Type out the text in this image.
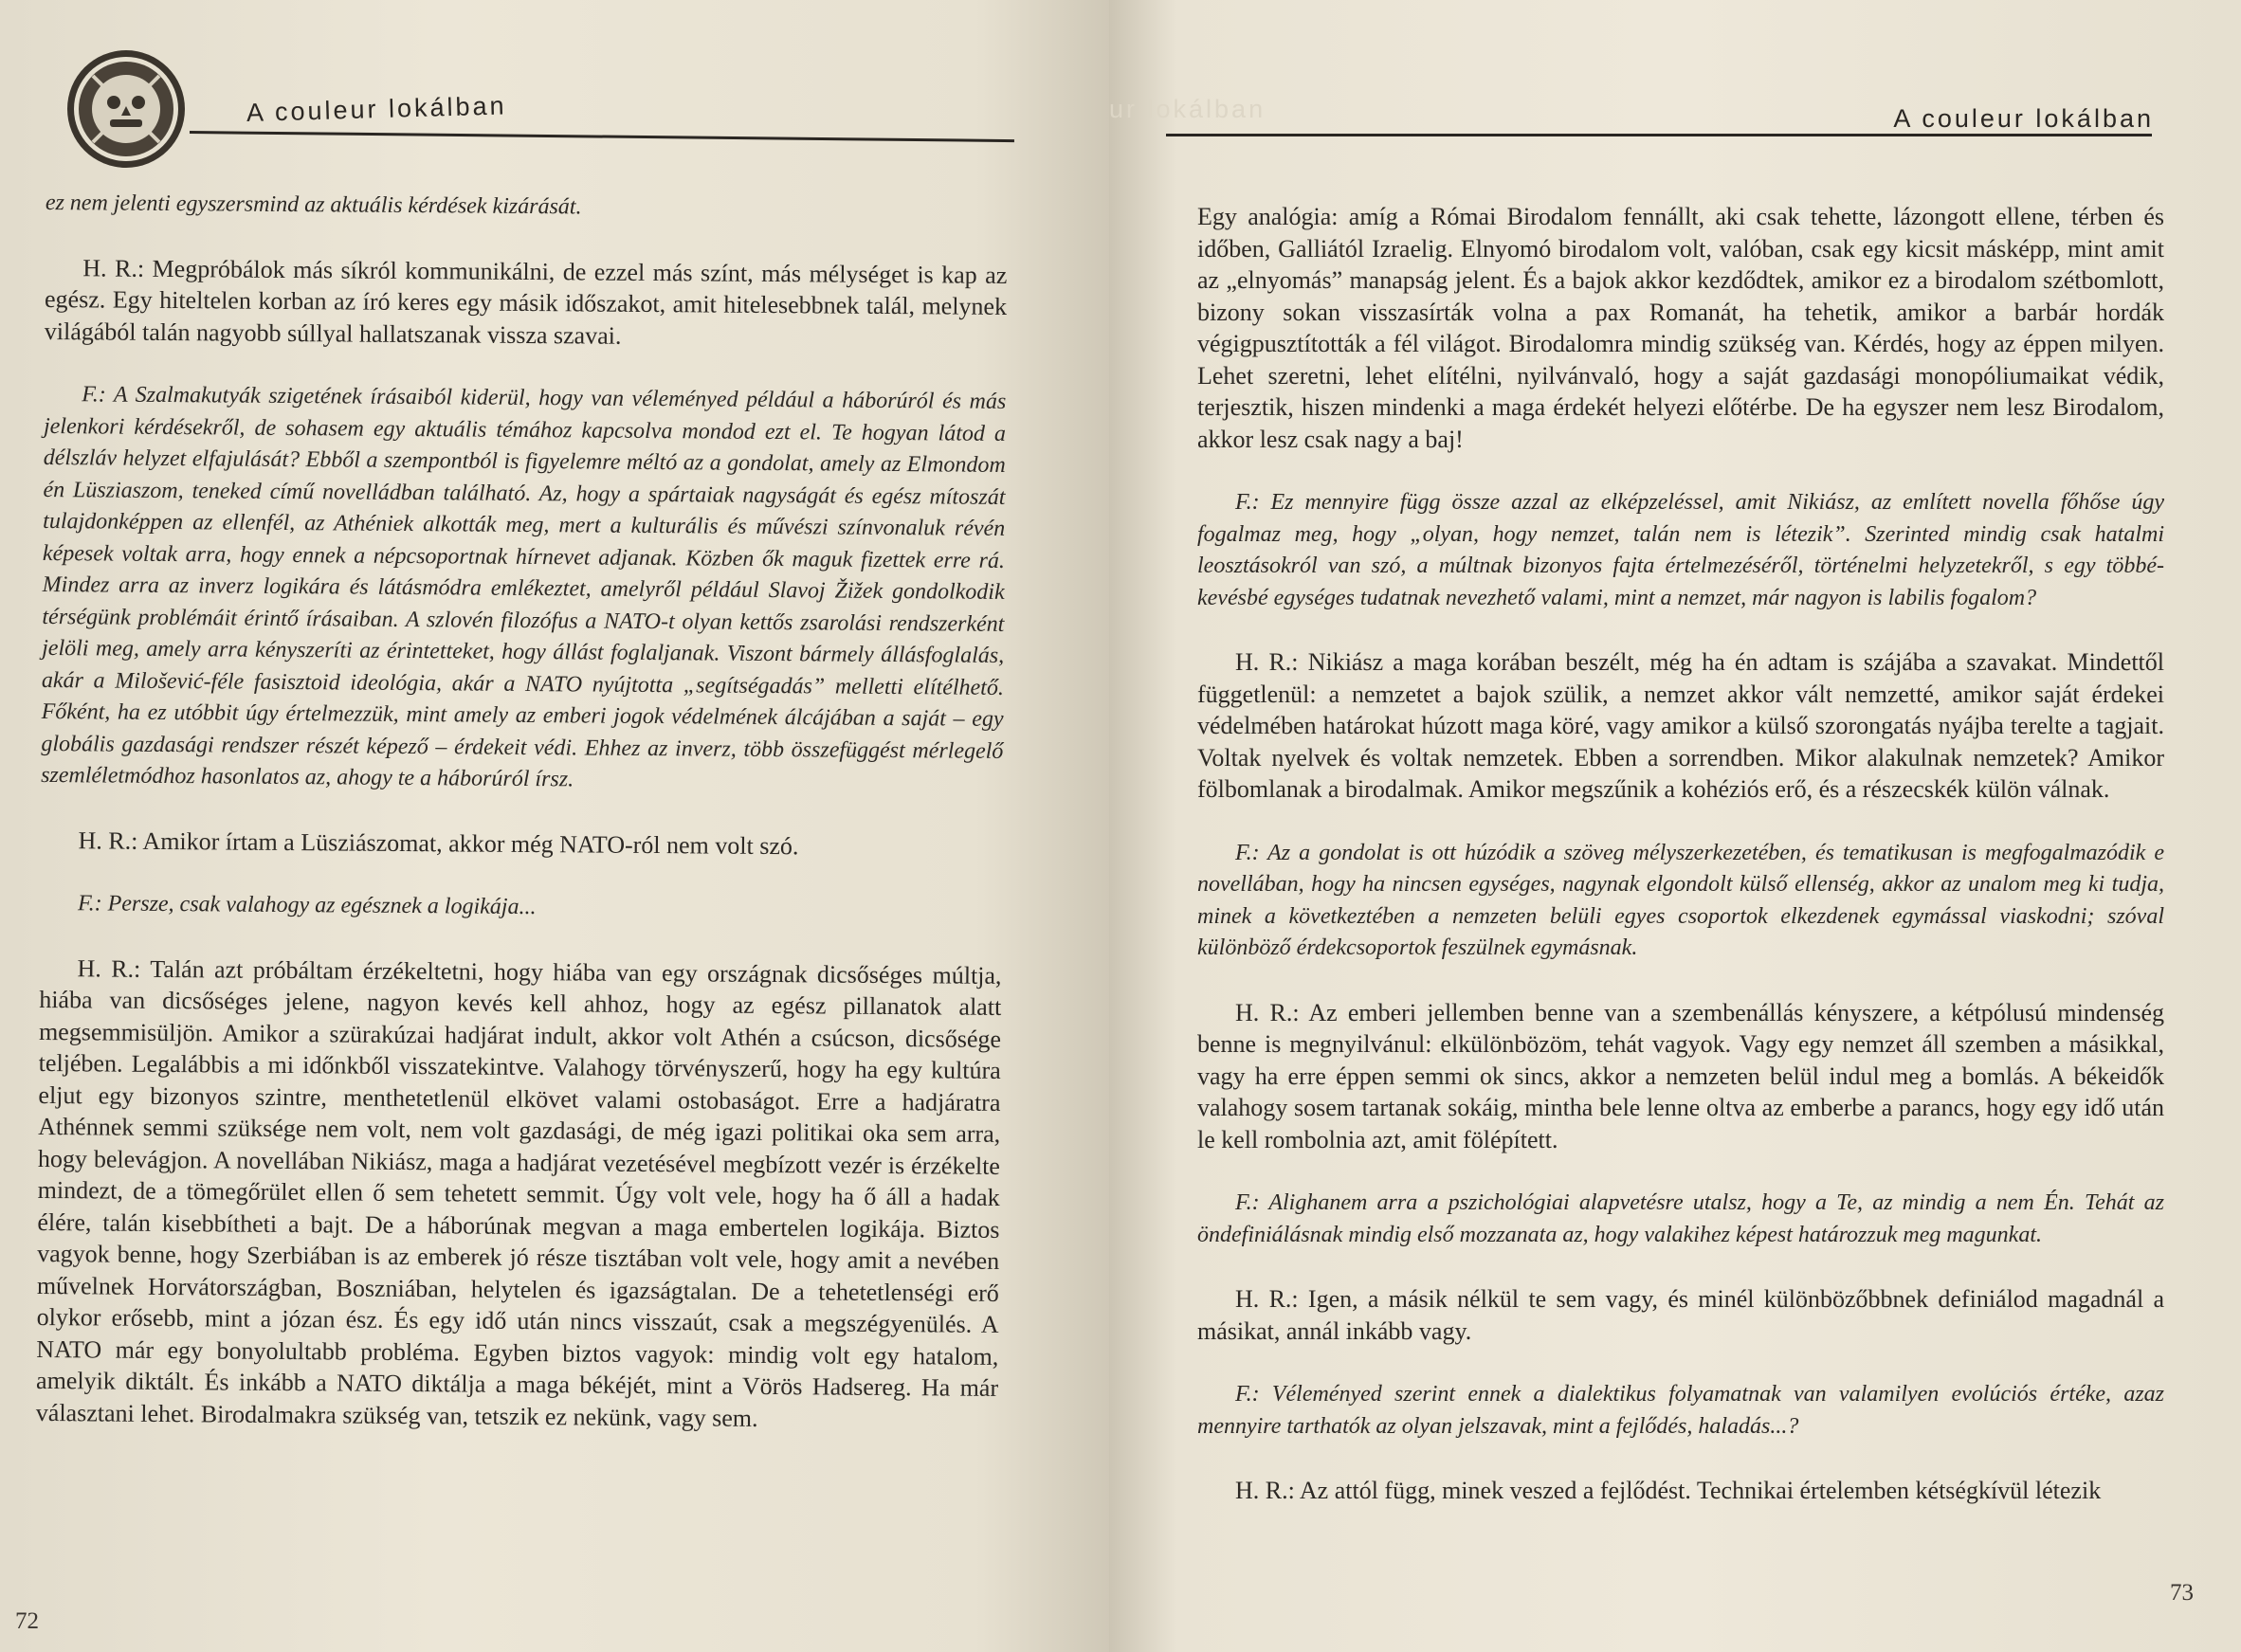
A couleur lokálban

ez nem jelenti egyszersmind az aktuális kérdések kizárását.

H. R.: Megpróbálok más síkról kommunikálni, de ezzel más színt, más mélységet is kap az egész. Egy hiteltelen korban az író keres egy másik időszakot, amit hitelesebbnek talál, melynek világából talán nagyobb súllyal hallatszanak vissza szavai.

F.: A Szalmakutyák szigetének írásaiból kiderül, hogy van véleményed például a háborúról és más jelenkori kérdésekről, de sohasem egy aktuális témához kapcsolva mondod ezt el. Te hogyan látod a délszláv helyzet elfajulását? Ebből a szempontból is figyelemre méltó az a gondolat, amely az Elmondom én Lüsziaszom, teneked című novelládban található. Az, hogy a spártaiak nagyságát és egész mítoszát tulajdonképpen az ellenfél, az Athéniek alkották meg, mert a kulturális és művészi színvonaluk révén képesek voltak arra, hogy ennek a népcsoportnak hírnevet adjanak. Közben ők maguk fizettek erre rá. Mindez arra az inverz logikára és látásmódra emlékeztet, amelyről például Slavoj Žižek gondolkodik térségünk problémáit érintő írásaiban. A szlovén filozófus a NATO-t olyan kettős zsarolási rendszerként jelöli meg, amely arra kényszeríti az érintetteket, hogy állást foglaljanak. Viszont bármely állásfoglalás, akár a Milošević-féle fasisztoid ideológia, akár a NATO nyújtotta „segítségadás” melletti elítélhető. Főként, ha ez utóbbit úgy értelmezzük, mint amely az emberi jogok védelmének álcájában a saját – egy globális gazdasági rendszer részét képező – érdekeit védi. Ehhez az inverz, több összefüggést mérlegelő szemléletmódhoz hasonlatos az, ahogy te a háborúról írsz.

H. R.: Amikor írtam a Lüsziászomat, akkor még NATO-ról nem volt szó.

F.: Persze, csak valahogy az egésznek a logikája...

H. R.: Talán azt próbáltam érzékeltetni, hogy hiába van egy országnak dicsőséges múltja, hiába van dicsőséges jelene, nagyon kevés kell ahhoz, hogy az egész pillanatok alatt megsemmisüljön. Amikor a szürakúzai hadjárat indult, akkor volt Athén a csúcson, dicsősége teljében. Legalábbis a mi időnkből visszatekintve. Valahogy törvényszerű, hogy ha egy kultúra eljut egy bizonyos szintre, menthetetlenül elkövet valami ostobaságot. Erre a hadjáratra Athénnek semmi szüksége nem volt, nem volt gazdasági, de még igazi politikai oka sem arra, hogy belevágjon. A novellában Nikiász, maga a hadjárat vezetésével megbízott vezér is érzékelte mindezt, de a tömegőrület ellen ő sem tehetett semmit. Úgy volt vele, hogy ha ő áll a hadak élére, talán kisebbítheti a bajt. De a háborúnak megvan a maga embertelen logikája. Biztos vagyok benne, hogy Szerbiában is az emberek jó része tisztában volt vele, hogy amit a nevében művelnek Horvátországban, Boszniában, helytelen és igazságtalan. De a tehetetlenségi erő olykor erősebb, mint a józan ész. És egy idő után nincs visszaút, csak a megszégyenülés. A NATO már egy bonyolultabb probléma. Egyben biztos vagyok: mindig volt egy hatalom, amelyik diktált. És inkább a NATO diktálja a maga békéjét, mint a Vörös Hadsereg. Ha már választani lehet. Birodalmakra szükség van, tetszik ez nekünk, vagy sem.

72
ur lokálban	A couleur lokálban

Egy analógia: amíg a Római Birodalom fennállt, aki csak tehette, lázongott ellene, térben és időben, Galliától Izraelig. Elnyomó birodalom volt, valóban, csak egy kicsit másképp, mint amit az „elnyomás” manapság jelent. És a bajok akkor kezdődtek, amikor ez a birodalom szétbomlott, bizony sokan visszasírták volna a pax Romanát, ha tehetik, amikor a barbár hordák végigpusztították a fél világot. Birodalomra mindig szükség van. Kérdés, hogy az éppen milyen. Lehet szeretni, lehet elítélni, nyilvánvaló, hogy a saját gazdasági monopóliumaikat védik, terjesztik, hiszen mindenki a maga érdekét helyezi előtérbe. De ha egyszer nem lesz Birodalom, akkor lesz csak nagy a baj!

F.: Ez mennyire függ össze azzal az elképzeléssel, amit Nikiász, az említett novella főhőse úgy fogalmaz meg, hogy „olyan, hogy nemzet, talán nem is létezik”. Szerinted mindig csak hatalmi leosztásokról van szó, a múltnak bizonyos fajta értelmezéséről, történelmi helyzetekről, s egy többé-kevésbé egységes tudatnak nevezhető valami, mint a nemzet, már nagyon is labilis fogalom?

H. R.: Nikiász a maga korában beszélt, még ha én adtam is szájába a szavakat. Mindettől függetlenül: a nemzetet a bajok szülik, a nemzet akkor vált nemzetté, amikor saját érdekei védelmében határokat húzott maga köré, vagy amikor a külső szorongatás nyájba terelte a tagjait. Voltak nyelvek és voltak nemzetek. Ebben a sorrendben. Mikor alakulnak nemzetek? Amikor fölbomlanak a birodalmak. Amikor megszűnik a kohéziós erő, és a részecskék külön válnak.

F.: Az a gondolat is ott húzódik a szöveg mélyszerkezetében, és tematikusan is megfogalmazódik e novellában, hogy ha nincsen egységes, nagynak elgondolt külső ellenség, akkor az unalom meg ki tudja, minek a következtében a nemzeten belüli egyes csoportok elkezdenek egymással viaskodni; szóval különböző érdekcsoportok feszülnek egymásnak.

H. R.: Az emberi jellemben benne van a szembenállás kényszere, a kétpólusú mindenség benne is megnyilvánul: elkülönbözöm, tehát vagyok. Vagy egy nemzet áll szemben a másikkal, vagy ha erre éppen semmi ok sincs, akkor a nemzeten belül indul meg a bomlás. A békeidők valahogy sosem tartanak sokáig, mintha bele lenne oltva az emberbe a parancs, hogy egy idő után le kell rombolnia azt, amit fölépített.

F.: Alighanem arra a pszichológiai alapvetésre utalsz, hogy a Te, az mindig a nem Én. Tehát az öndefiniálásnak mindig első mozzanata az, hogy valakihez képest határozzuk meg magunkat.

H. R.: Igen, a másik nélkül te sem vagy, és minél különbözőbbnek definiálod magadnál a másikat, annál inkább vagy.

F.: Véleményed szerint ennek a dialektikus folyamatnak van valamilyen evolúciós értéke, azaz mennyire tarthatók az olyan jelszavak, mint a fejlődés, haladás...?

H. R.: Az attól függ, minek veszed a fejlődést. Technikai értelemben kétségkívül létezik

73
